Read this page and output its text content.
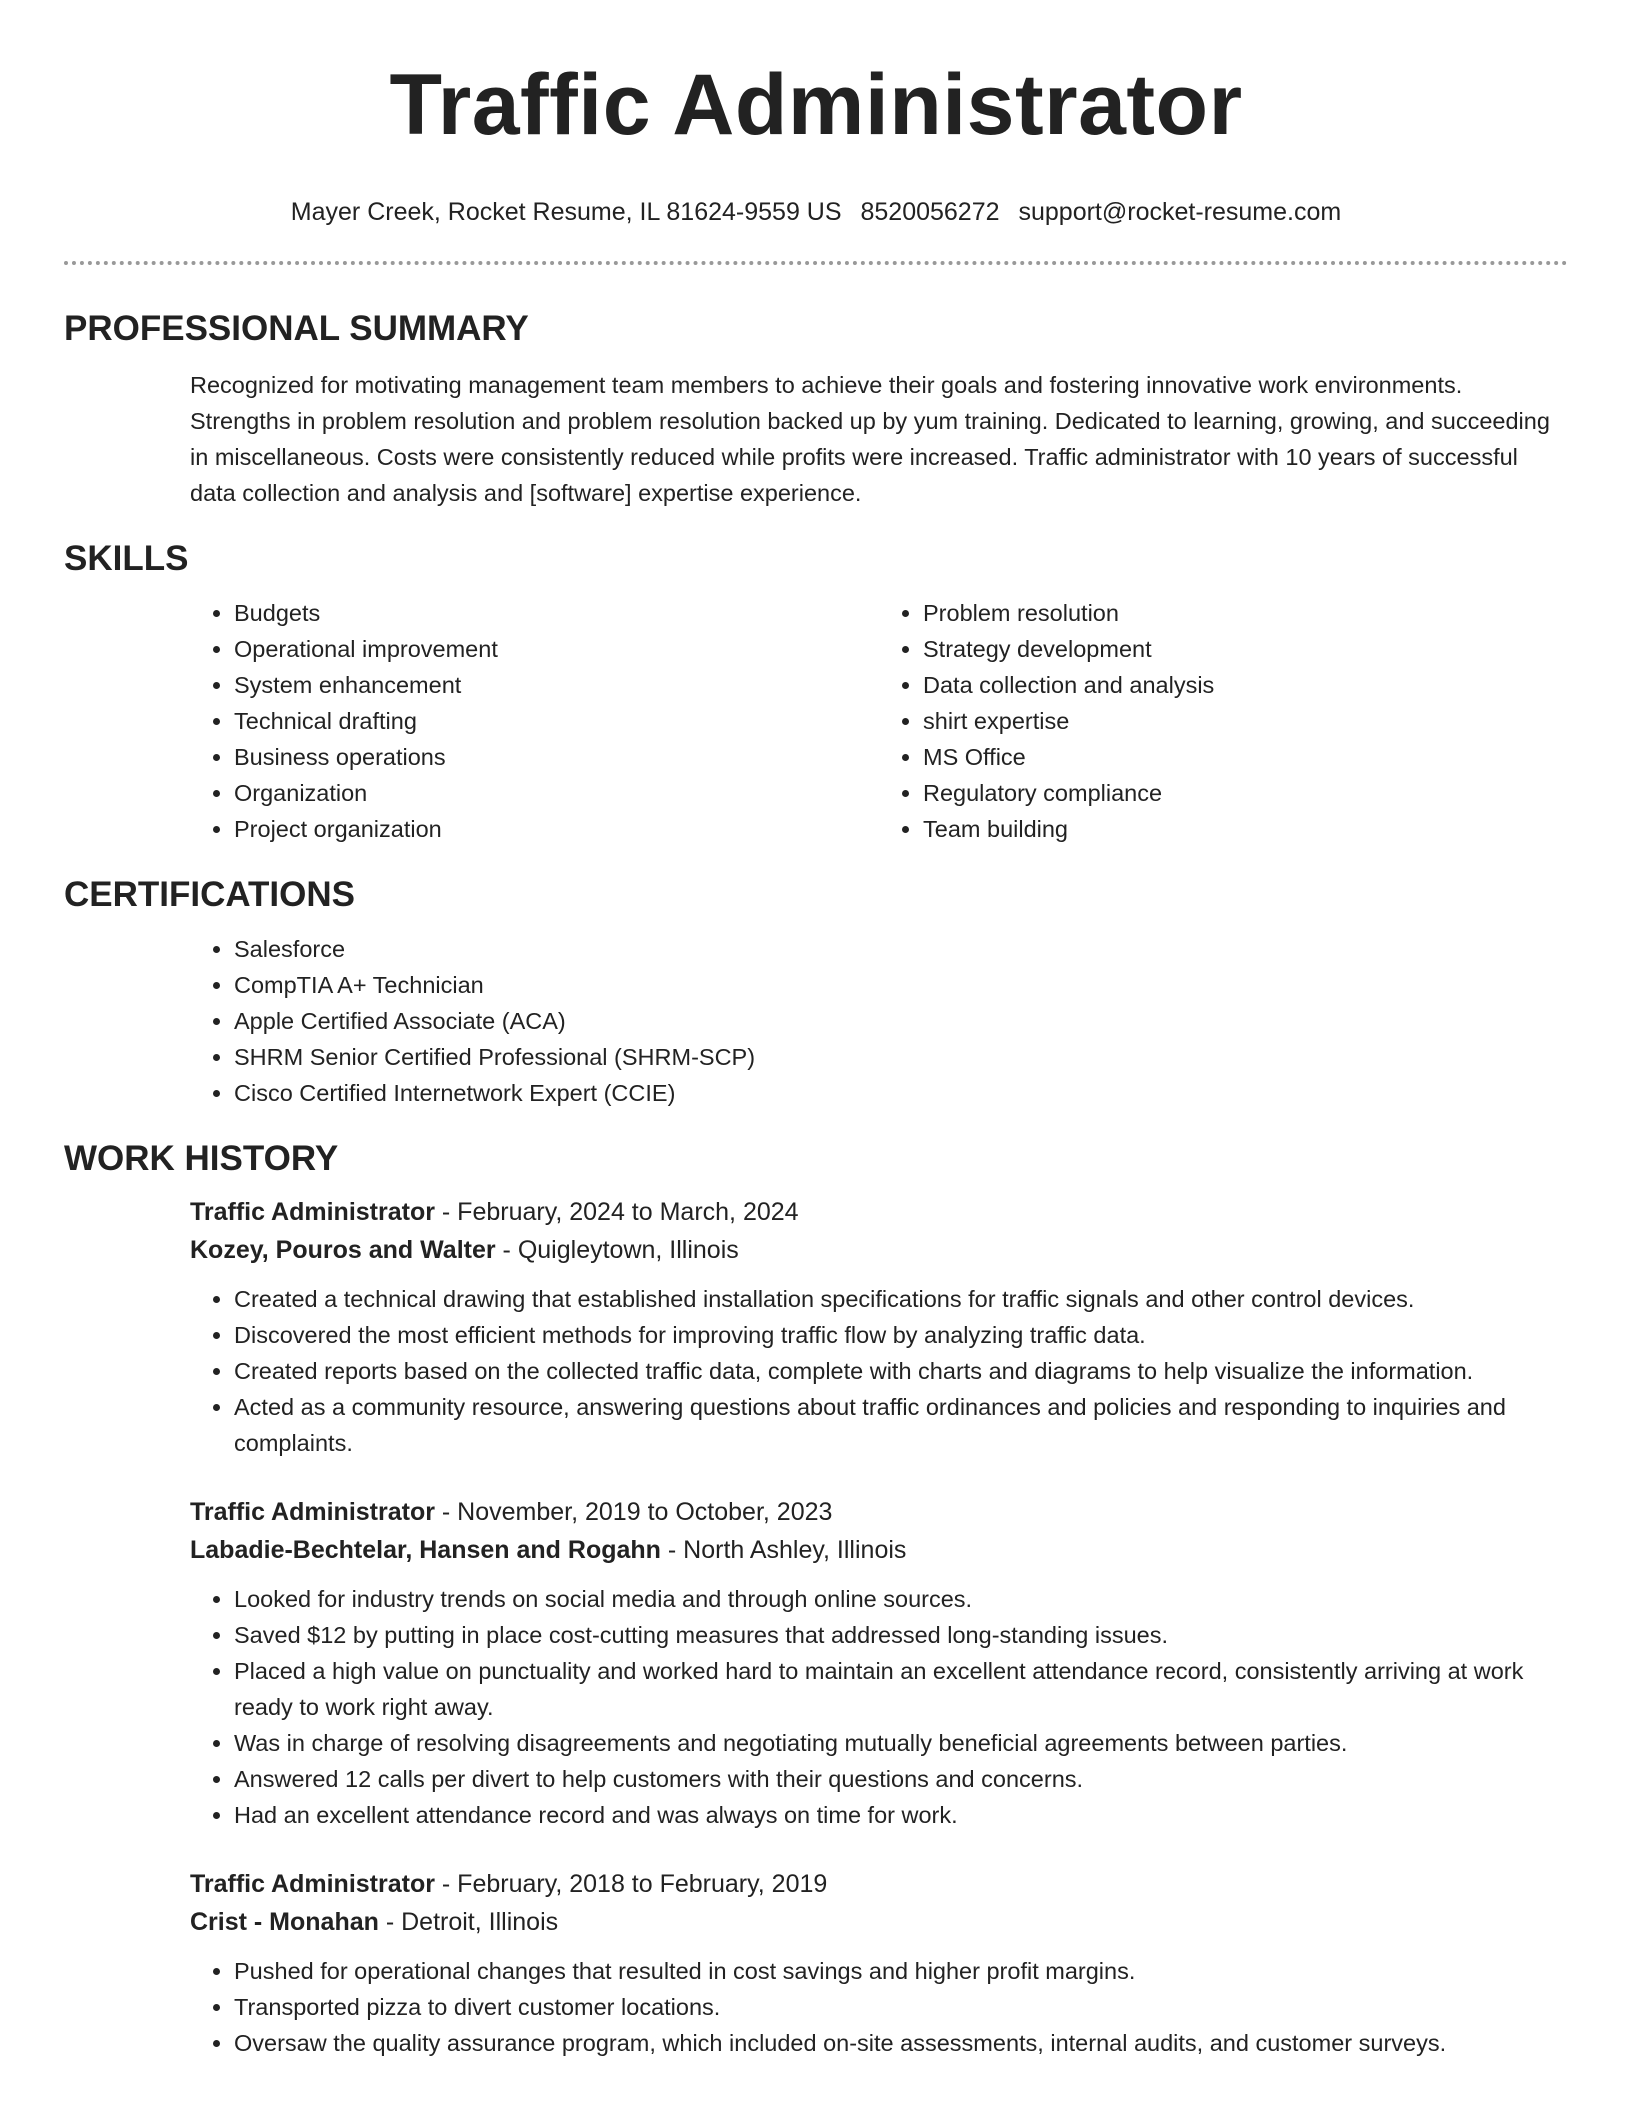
Traffic Administrator
Mayer Creek, Rocket Resume, IL 81624-9559 US 8520056272 support@rocket-resume.com
PROFESSIONAL SUMMARY
Recognized for motivating management team members to achieve their goals and fostering innovative work environments. Strengths in problem resolution and problem resolution backed up by yum training. Dedicated to learning, growing, and succeeding in miscellaneous. Costs were consistently reduced while profits were increased. Traffic administrator with 10 years of successful data collection and analysis and [software] expertise experience.
SKILLS
• Budgets
• Operational improvement
• System enhancement
• Technical drafting
• Business operations
• Organization
• Project organization
• Problem resolution
• Strategy development
• Data collection and analysis
• shirt expertise
• MS Office
• Regulatory compliance
• Team building
CERTIFICATIONS
• Salesforce
• CompTIA A+ Technician
• Apple Certified Associate (ACA)
• SHRM Senior Certified Professional (SHRM-SCP)
• Cisco Certified Internetwork Expert (CCIE)
WORK HISTORY
Traffic Administrator - February, 2024 to March, 2024
Kozey, Pouros and Walter - Quigleytown, Illinois
• Created a technical drawing that established installation specifications for traffic signals and other control devices.
• Discovered the most efficient methods for improving traffic flow by analyzing traffic data.
• Created reports based on the collected traffic data, complete with charts and diagrams to help visualize the information.
• Acted as a community resource, answering questions about traffic ordinances and policies and responding to inquiries and complaints.
Traffic Administrator - November, 2019 to October, 2023
Labadie-Bechtelar, Hansen and Rogahn - North Ashley, Illinois
• Looked for industry trends on social media and through online sources.
• Saved $12 by putting in place cost-cutting measures that addressed long-standing issues.
• Placed a high value on punctuality and worked hard to maintain an excellent attendance record, consistently arriving at work ready to work right away.
• Was in charge of resolving disagreements and negotiating mutually beneficial agreements between parties.
• Answered 12 calls per divert to help customers with their questions and concerns.
• Had an excellent attendance record and was always on time for work.
Traffic Administrator - February, 2018 to February, 2019
Crist - Monahan - Detroit, Illinois
• Pushed for operational changes that resulted in cost savings and higher profit margins.
• Transported pizza to divert customer locations.
• Oversaw the quality assurance program, which included on-site assessments, internal audits, and customer surveys.
